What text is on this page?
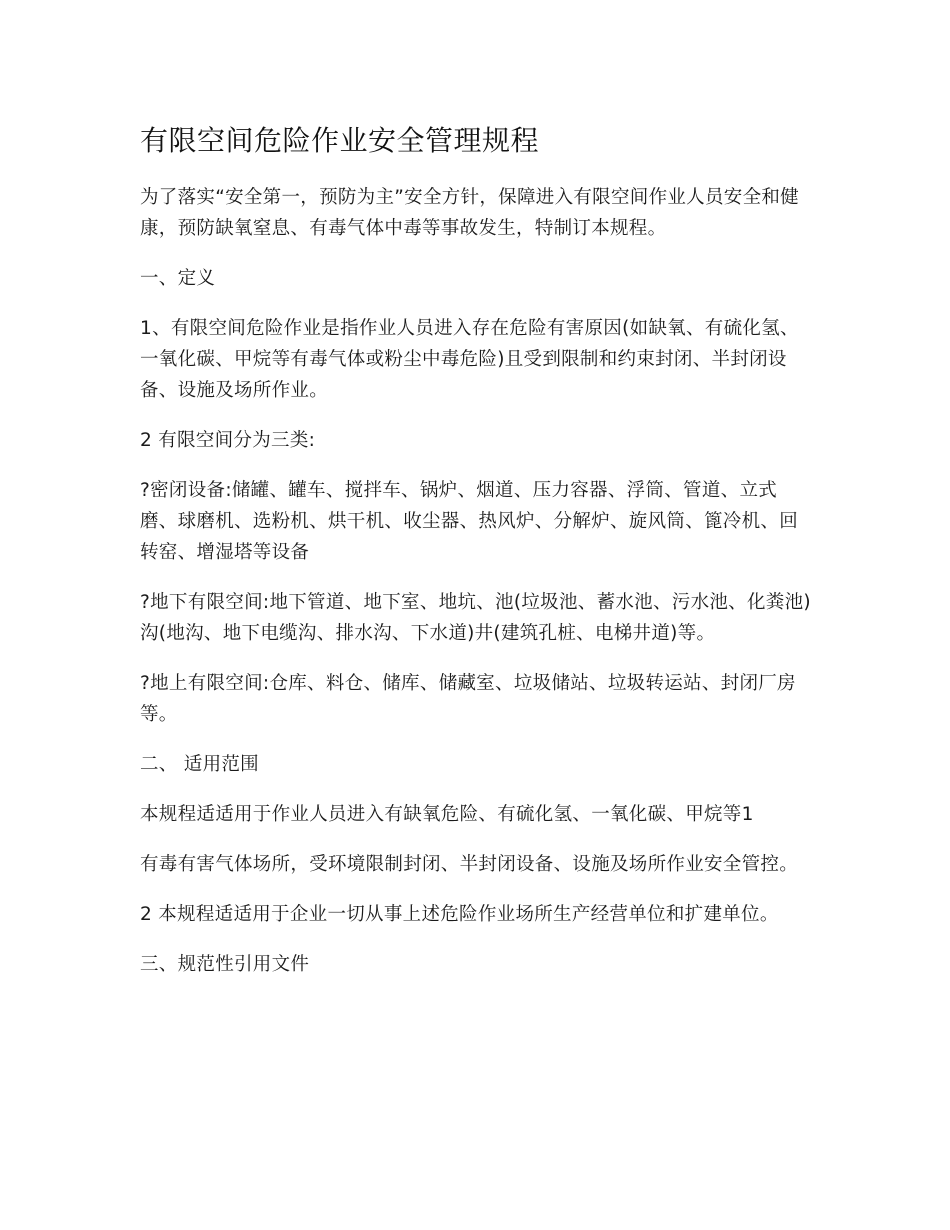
有限空间危险作业安全管理规程

为了落实“安全第一，预防为主”安全方针，保障进入有限空间作业人员安全和健康，预防缺氧窒息、有毒气体中毒等事故发生，特制订本规程。

一、定义

1、有限空间危险作业是指作业人员进入存在危险有害原因(如缺氧、有硫化氢、一氧化碳、甲烷等有毒气体或粉尘中毒危险)且受到限制和约束封闭、半封闭设备、设施及场所作业。

2 有限空间分为三类:

?密闭设备:储罐、罐车、搅拌车、锅炉、烟道、压力容器、浮筒、管道、立式磨、球磨机、选粉机、烘干机、收尘器、热风炉、分解炉、旋风筒、篦冷机、回转窑、增湿塔等设备

?地下有限空间:地下管道、地下室、地坑、池(垃圾池、蓄水池、污水池、化粪池)沟(地沟、地下电缆沟、排水沟、下水道)井(建筑孔桩、电梯井道)等。

?地上有限空间:仓库、料仓、储库、储藏室、垃圾储站、垃圾转运站、封闭厂房等。

二、 适用范围

本规程适适用于作业人员进入有缺氧危险、有硫化氢、一氧化碳、甲烷等1

有毒有害气体场所，受环境限制封闭、半封闭设备、设施及场所作业安全管控。

2 本规程适适用于企业一切从事上述危险作业场所生产经营单位和扩建单位。

三、规范性引用文件
